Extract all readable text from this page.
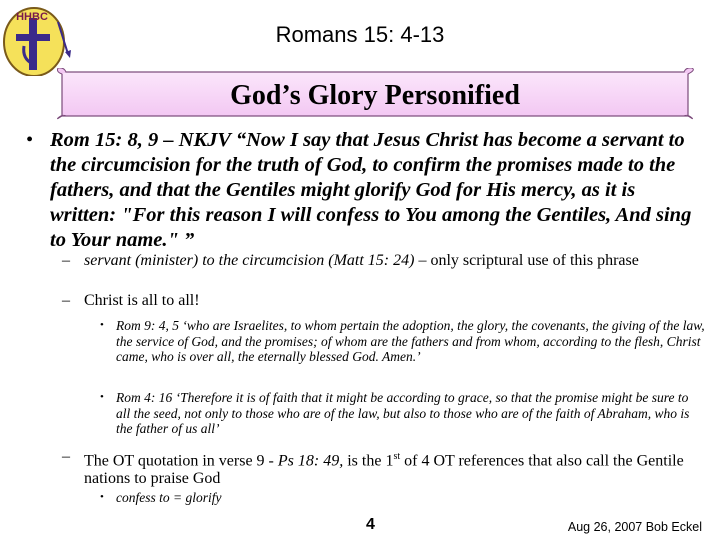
HHBC
Romans 15: 4-13
God’s Glory Personified
• Rom 15: 8, 9 – NKJV “Now I say that Jesus Christ has become a servant to the circumcision for the truth of God, to confirm the promises made to the fathers, and that the Gentiles might glorify God for His mercy, as it is written: "For this reason I will confess to You among the Gentiles, And sing to Your name." ”
– servant (minister) to the circumcision (Matt 15: 24) – only scriptural use of this phrase
– Christ is all to all!
• Rom 9: 4, 5 ‘who are Israelites, to whom pertain the adoption, the glory, the covenants, the giving of the law, the service of God, and the promises; of whom are the fathers and from whom, according to the flesh, Christ came, who is over all, the eternally blessed God. Amen.’
• Rom 4: 16 ‘Therefore it is of faith that it might be according to grace, so that the promise might be sure to all the seed, not only to those who are of the law, but also to those who are of the faith of Abraham, who is the father of us all’
– The OT quotation in verse 9 - Ps 18: 49, is the 1st of 4 OT references that also call the Gentile nations to praise God
• confess to = glorify
4	Aug 26, 2007 Bob Eckel
